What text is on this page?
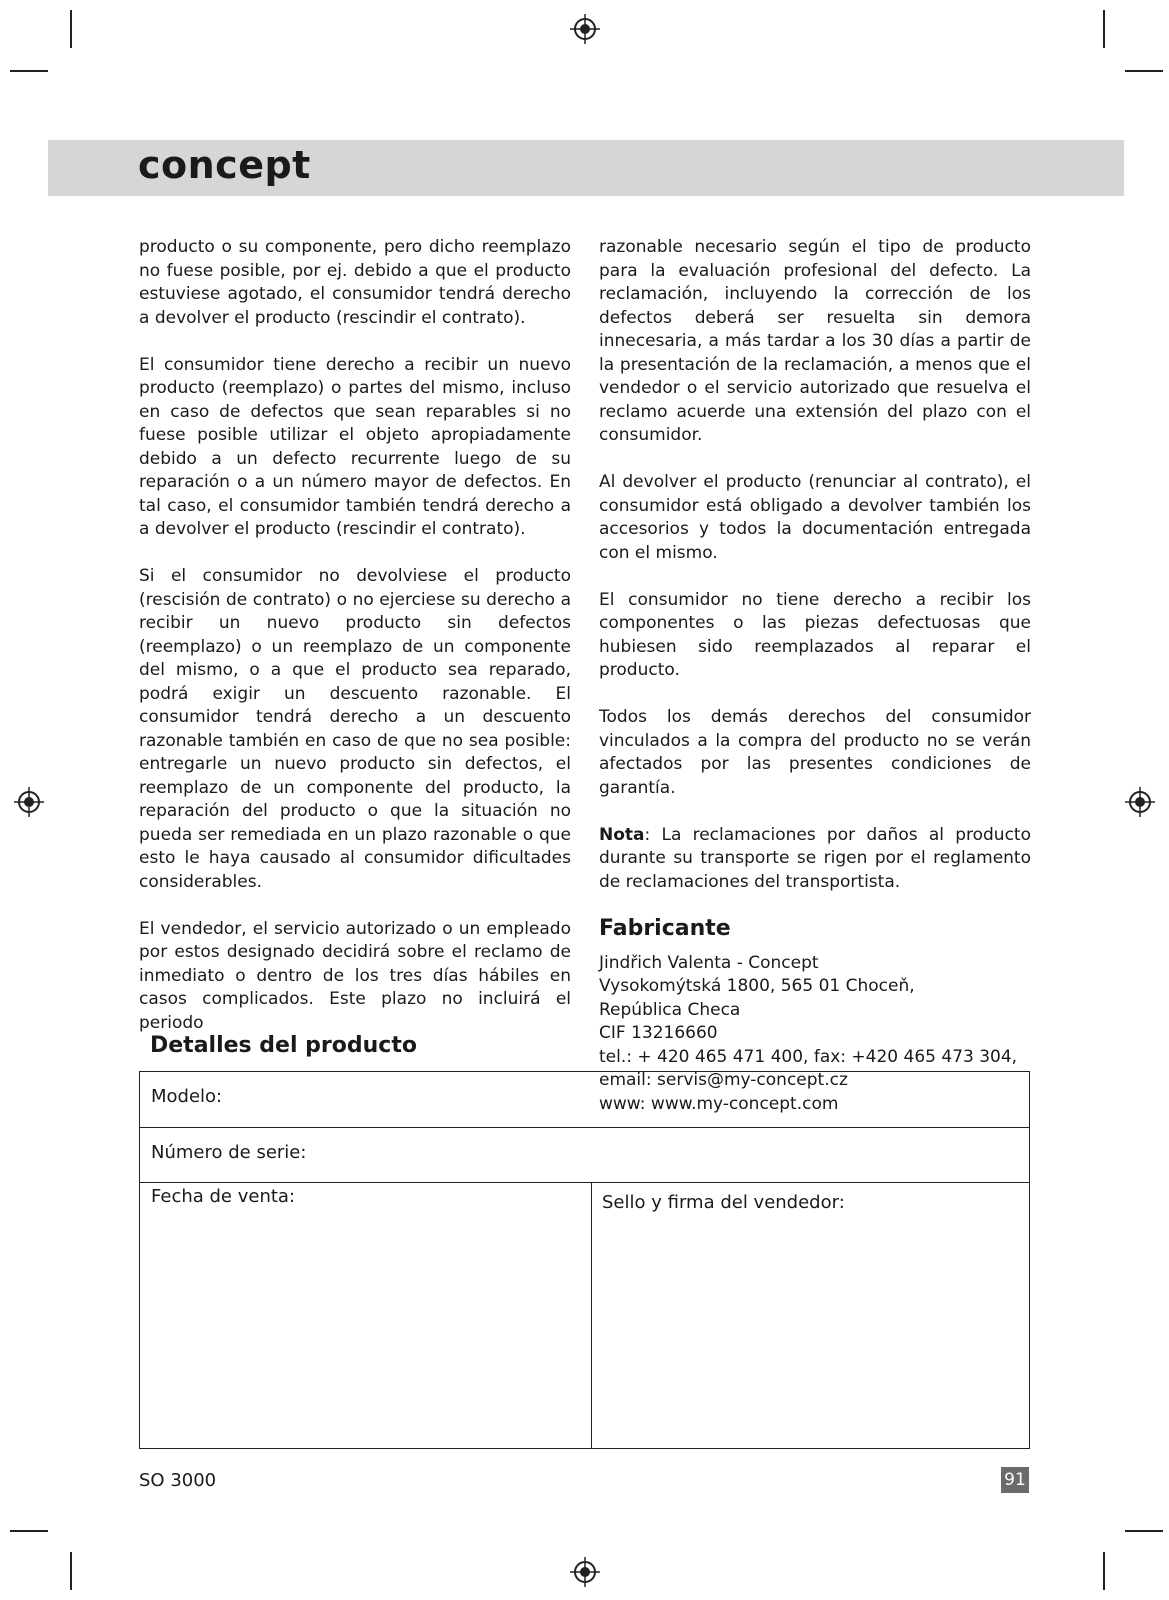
concept

producto o su componente, pero dicho reemplazo no fuese posible, por ej. debido a que el producto estuviese agotado, el consumidor tendrá derecho a devolver el producto (rescindir el contrato).

El consumidor tiene derecho a recibir un nuevo producto (reemplazo) o partes del mismo, incluso en caso de defectos que sean reparables si no fuese posible utilizar el objeto apropiadamente debido a un defecto recurrente luego de su reparación o a un número mayor de defectos. En tal caso, el consumidor también tendrá derecho a a devolver el producto (rescindir el contrato).

Si el consumidor no devolviese el producto (rescisión de contrato) o no ejerciese su derecho a recibir un nuevo producto sin defectos (reemplazo) o un reemplazo de un componente del mismo, o a que el producto sea reparado, podrá exigir un descuento razonable. El consumidor tendrá derecho a un descuento razonable también en caso de que no sea posible: entregarle un nuevo producto sin defectos, el reemplazo de un componente del producto, la reparación del producto o que la situación no pueda ser remediada en un plazo razonable o que esto le haya causado al consumidor dificultades considerables.

El vendedor, el servicio autorizado o un empleado por estos designado decidirá sobre el reclamo de inmediato o dentro de los tres días hábiles en casos complicados. Este plazo no incluirá el periodo

razonable necesario según el tipo de producto para la evaluación profesional del defecto. La reclamación, incluyendo la corrección de los defectos deberá ser resuelta sin demora innecesaria, a más tardar a los 30 días a partir de la presentación de la reclamación, a menos que el vendedor o el servicio autorizado que resuelva el reclamo acuerde una extensión del plazo con el consumidor.

Al devolver el producto (renunciar al contrato), el consumidor está obligado a devolver también los accesorios y todos la documentación entregada con el mismo.

El consumidor no tiene derecho a recibir los componentes o las piezas defectuosas que hubiesen sido reemplazados al reparar el producto.

Todos los demás derechos del consumidor vinculados a la compra del producto no se verán afectados por las presentes condiciones de garantía.

Nota: La reclamaciones por daños al producto durante su transporte se rigen por el reglamento de reclamaciones del transportista.

Fabricante
Jindřich Valenta - Concept
Vysokomýtská 1800, 565 01 Choceň,
República Checa
CIF 13216660
tel.: + 420 465 471 400, fax: +420 465 473 304,
email: servis@my-concept.cz
www: www.my-concept.com
Detalles del producto
Modelo:
Número de serie:
Fecha de venta:	Sello y firma del vendedor:
SO 3000	91
